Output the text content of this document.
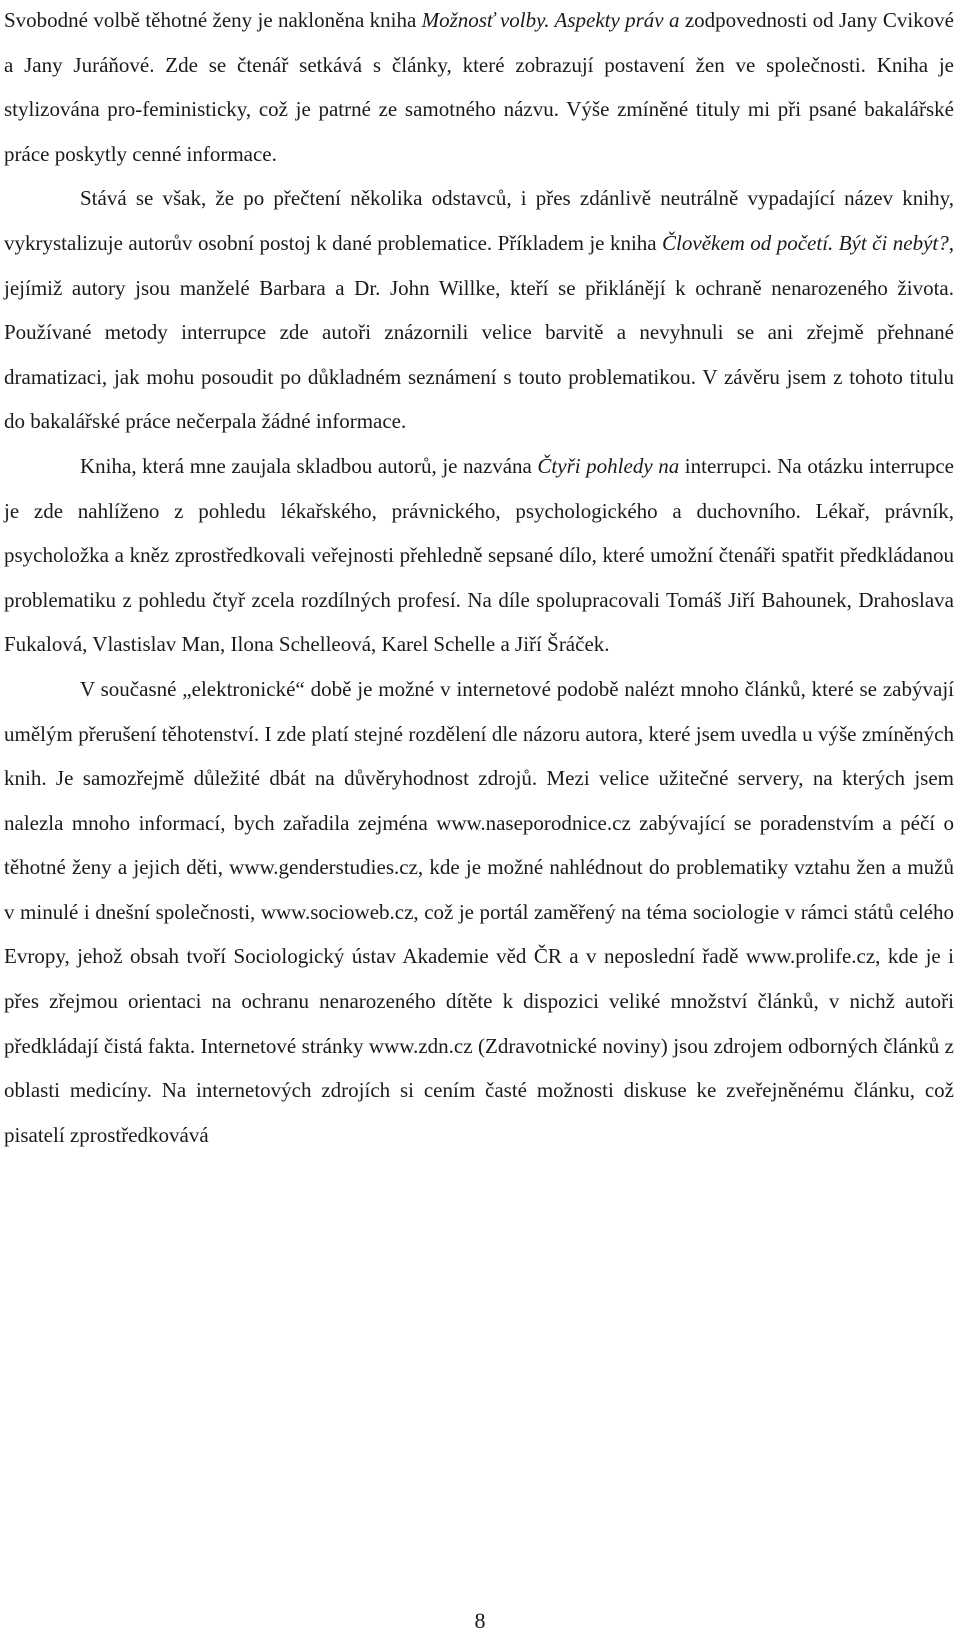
Svobodné volbě těhotné ženy je nakloněna kniha Možnosť volby. Aspekty práv a zodpovednosti od Jany Cvikové a Jany Juráňové. Zde se čtenář setkává s články, které zobrazují postavení žen ve společnosti. Kniha je stylizována pro-feministicky, což je patrné ze samotného názvu. Výše zmíněné tituly mi při psané bakalářské práce poskytly cenné informace.

Stává se však, že po přečtení několika odstavců, i přes zdánlivě neutrálně vypadající název knihy, vykrystalizuje autorův osobní postoj k dané problematice. Příkladem je kniha Člověkem od početí. Být či nebýt?, jejímiž autory jsou manželé Barbara a Dr. John Willke, kteří se přiklánějí k ochraně nenarozeného života. Používané metody interrupce zde autoři znázornili velice barvitě a nevyhnuli se ani zřejmě přehnané dramatizaci, jak mohu posoudit po důkladném seznámení s touto problematikou. V závěru jsem z tohoto titulu do bakalářské práce nečerpala žádné informace.

Kniha, která mne zaujala skladbou autorů, je nazvána Čtyři pohledy na interrupci. Na otázku interrupce je zde nahlíženo z pohledu lékařského, právnického, psychologického a duchovního. Lékař, právník, psycholožka a kněz zprostředkovali veřejnosti přehledně sepsané dílo, které umožní čtenáři spatřit předkládanou problematiku z pohledu čtyř zcela rozdílných profesí. Na díle spolupracovali Tomáš Jiří Bahounek, Drahoslava Fukalová, Vlastislav Man, Ilona Schelleová, Karel Schelle a Jiří Šráček.

V současné „elektronické“ době je možné v internetové podobě nalézt mnoho článků, které se zabývají umělým přerušení těhotenství. I zde platí stejné rozdělení dle názoru autora, které jsem uvedla u výše zmíněných knih. Je samozřejmě důležité dbát na důvěryhodnost zdrojů. Mezi velice užitečné servery, na kterých jsem nalezla mnoho informací, bych zařadila zejména www.naseporodnice.cz zabývající se poradenstvím a péčí o těhotné ženy a jejich děti, www.genderstudies.cz, kde je možné nahlédnout do problematiky vztahu žen a mužů v minulé i dnešní společnosti, www.socioweb.cz, což je portál zaměřený na téma sociologie v rámci států celého Evropy, jehož obsah tvoří Sociologický ústav Akademie věd ČR a v neposlední řadě www.prolife.cz, kde je i přes zřejmou orientaci na ochranu nenarozeného dítěte k dispozici veliké množství článků, v nichž autoři předkládají čistá fakta. Internetové stránky www.zdn.cz (Zdravotnické noviny) jsou zdrojem odborných článků z oblasti medicíny. Na internetových zdrojích si cením časté možnosti diskuse ke zveřejněnému článku, což pisatelí zprostředkovává

8
